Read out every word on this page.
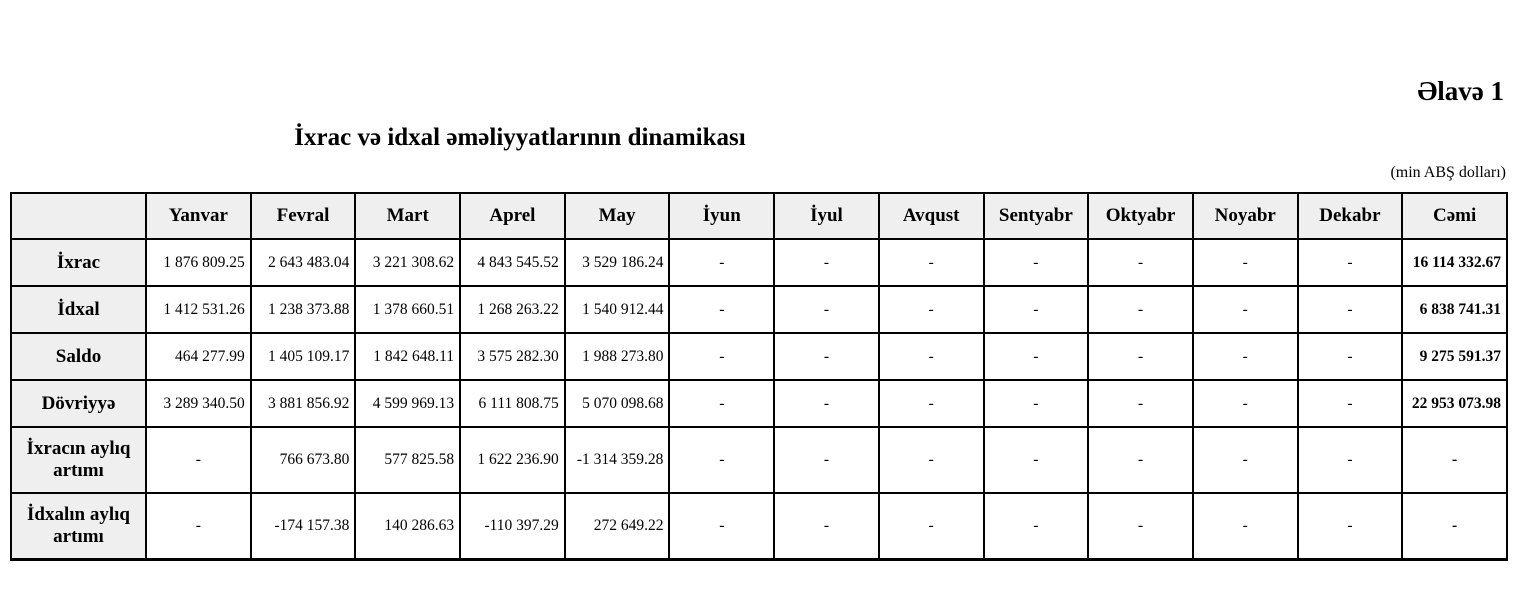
Əlavə 1
İxrac və idxal əməliyyatlarının dinamikası
(min ABŞ dolları)
	Yanvar	Fevral	Mart	Aprel	May	İyun	İyul	Avqust	Sentyabr	Oktyabr	Noyabr	Dekabr	Cəmi
İxrac	1 876 809.25	2 643 483.04	3 221 308.62	4 843 545.52	3 529 186.24	-	-	-	-	-	-	-	16 114 332.67
İdxal	1 412 531.26	1 238 373.88	1 378 660.51	1 268 263.22	1 540 912.44	-	-	-	-	-	-	-	6 838 741.31
Saldo	464 277.99	1 405 109.17	1 842 648.11	3 575 282.30	1 988 273.80	-	-	-	-	-	-	-	9 275 591.37
Dövriyyə	3 289 340.50	3 881 856.92	4 599 969.13	6 111 808.75	5 070 098.68	-	-	-	-	-	-	-	22 953 073.98
İxracın aylıq artımı	-	766 673.80	577 825.58	1 622 236.90	-1 314 359.28	-	-	-	-	-	-	-	-
İdxalın aylıq artımı	-	-174 157.38	140 286.63	-110 397.29	272 649.22	-	-	-	-	-	-	-	-
